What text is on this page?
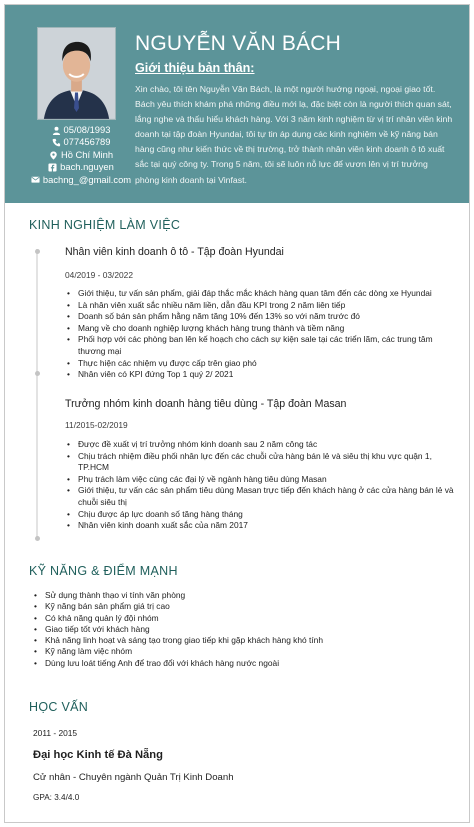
05/08/1993
077456789
Hồ Chí Minh
bach.nguyen
bachng_@gmail.com
NGUYỄN VĂN BÁCH
Giới thiệu bản thân:
Xin chào, tôi tên Nguyễn Văn Bách, là một người hướng ngoại, ngoại giao tốt. Bách yêu thích khám phá những điều mới lạ, đặc biệt còn là người thích quan sát, lắng nghe và thấu hiểu khách hàng. Với 3 năm kinh nghiệm từ vị trí nhân viên kinh doanh tại tập đoàn Hyundai, tôi tự tin áp dụng các kinh nghiệm về kỹ năng bán hàng cũng như kiến thức về thị trường, trở thành nhân viên kinh doanh ô tô xuất sắc tại quý công ty. Trong 5 năm, tôi sẽ luôn nỗ lực để vươn lên vị trí trưởng phòng kinh doanh tại Vinfast.
KINH NGHIỆM LÀM VIỆC
Nhân viên kinh doanh ô tô - Tập đoàn Hyundai
04/2019 - 03/2022
• Giới thiệu, tư vấn sản phẩm, giải đáp thắc mắc khách hàng quan tâm đến các dòng xe Hyundai
• Là nhân viên xuất sắc nhiều năm liền, dẫn đầu KPI trong 2 năm liên tiếp
• Doanh số bán sản phẩm hằng năm tăng 10% đến 13% so với năm trước đó
• Mang về cho doanh nghiệp lượng khách hàng trung thành và tiềm năng
• Phối hợp với các phòng ban lên kế hoạch cho cách sự kiện sale tại các triển lãm, các trung tâm thương mại
• Thực hiện các nhiệm vụ được cấp trên giao phó
• Nhân viên có KPI đứng Top 1 quý 2/ 2021
Trưởng nhóm kinh doanh hàng tiêu dùng - Tập đoàn Masan
11/2015-02/2019
• Được đề xuất vị trí trưởng nhóm kinh doanh sau 2 năm công tác
• Chịu trách nhiệm điều phối nhân lực đến các chuỗi cửa hàng bán lẻ và siêu thị khu vực quận 1, TP.HCM
• Phụ trách làm việc cùng các đại lý về ngành hàng tiêu dùng Masan
• Giới thiệu, tư vấn các sản phẩm tiêu dùng Masan trực tiếp đến khách hàng ở các cửa hàng bán lẻ và chuỗi siêu thị
• Chịu được áp lực doanh số tăng hàng tháng
• Nhân viên kinh doanh xuất sắc của năm 2017
KỸ NĂNG & ĐIỂM MẠNH
• Sử dụng thành thạo vi tính văn phòng
• Kỹ năng bán sản phẩm giá trị cao
• Có khả năng quản lý đội nhóm
• Giao tiếp tốt với khách hàng
• Khả năng linh hoạt và sáng tạo trong giao tiếp khi gặp khách hàng khó tính
• Kỹ năng làm việc nhóm
• Dùng lưu loát tiếng Anh để trao đổi với khách hàng nước ngoài
HỌC VẤN
2011 - 2015
Đại học Kinh tế Đà Nẵng
Cử nhân - Chuyên ngành Quản Trị Kinh Doanh
GPA: 3.4/4.0
